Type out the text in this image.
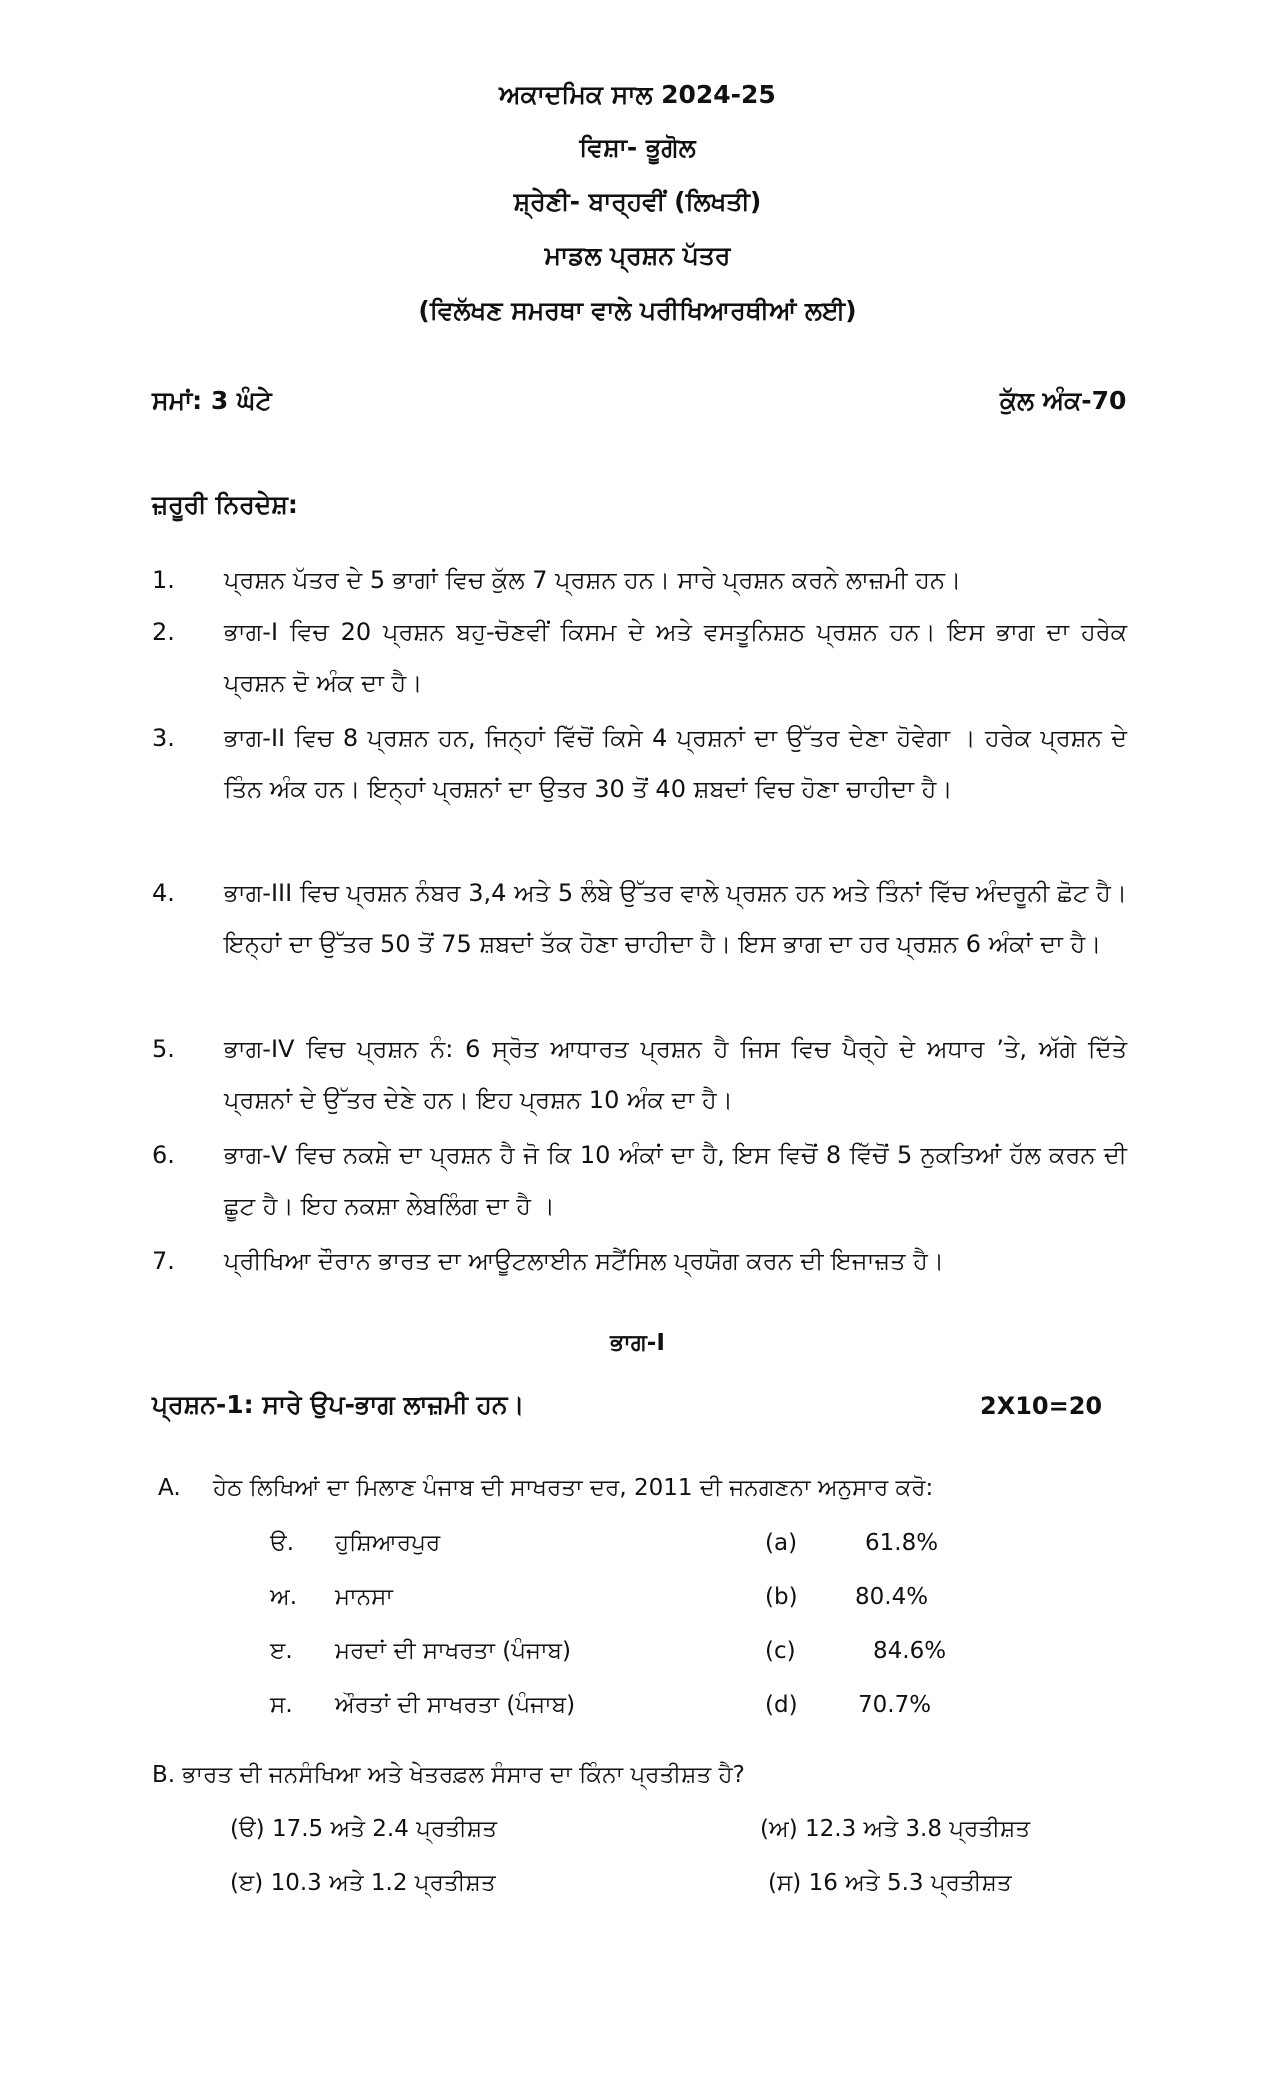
ਅਕਾਦਮਿਕ ਸਾਲ 2024-25
ਵਿਸ਼ਾ- ਭੂਗੋਲ
ਸ਼੍ਰੇਣੀ- ਬਾਰ੍ਹਵੀਂ (ਲਿਖਤੀ)
ਮਾਡਲ ਪ੍ਰਸ਼ਨ ਪੱਤਰ
(ਵਿਲੱਖਣ ਸਮਰਥਾ ਵਾਲੇ ਪਰੀਖਿਆਰਥੀਆਂ ਲਈ)
ਸਮਾਂ: 3 ਘੰਟੇ	ਕੁੱਲ ਅੰਕ-70
ਜ਼ਰੂਰੀ ਨਿਰਦੇਸ਼:
1. ਪ੍ਰਸ਼ਨ ਪੱਤਰ ਦੇ 5 ਭਾਗਾਂ ਵਿਚ ਕੁੱਲ 7 ਪ੍ਰਸ਼ਨ ਹਨ। ਸਾਰੇ ਪ੍ਰਸ਼ਨ ਕਰਨੇ ਲਾਜ਼ਮੀ ਹਨ।
2. ਭਾਗ-I ਵਿਚ 20 ਪ੍ਰਸ਼ਨ ਬਹੁ-ਚੋਣਵੀਂ ਕਿਸਮ ਦੇ ਅਤੇ ਵਸਤੂਨਿਸ਼ਠ ਪ੍ਰਸ਼ਨ ਹਨ। ਇਸ ਭਾਗ ਦਾ ਹਰੇਕ ਪ੍ਰਸ਼ਨ ਦੋ ਅੰਕ ਦਾ ਹੈ।
3. ਭਾਗ-II ਵਿਚ 8 ਪ੍ਰਸ਼ਨ ਹਨ, ਜਿਨ੍ਹਾਂ ਵਿੱਚੋਂ ਕਿਸੇ 4 ਪ੍ਰਸ਼ਨਾਂ ਦਾ ਉੱਤਰ ਦੇਣਾ ਹੋਵੇਗਾ । ਹਰੇਕ ਪ੍ਰਸ਼ਨ ਦੇ ਤਿੰਨ ਅੰਕ ਹਨ। ਇਨ੍ਹਾਂ ਪ੍ਰਸ਼ਨਾਂ ਦਾ ਉਤਰ 30 ਤੋਂ 40 ਸ਼ਬਦਾਂ ਵਿਚ ਹੋਣਾ ਚਾਹੀਦਾ ਹੈ।
4. ਭਾਗ-III ਵਿਚ ਪ੍ਰਸ਼ਨ ਨੰਬਰ 3,4 ਅਤੇ 5 ਲੰਬੇ ਉੱਤਰ ਵਾਲੇ ਪ੍ਰਸ਼ਨ ਹਨ ਅਤੇ ਤਿੰਨਾਂ ਵਿੱਚ ਅੰਦਰੂਨੀ ਛੋਟ ਹੈ। ਇਨ੍ਹਾਂ ਦਾ ਉੱਤਰ 50 ਤੋਂ 75 ਸ਼ਬਦਾਂ ਤੱਕ ਹੋਣਾ ਚਾਹੀਦਾ ਹੈ। ਇਸ ਭਾਗ ਦਾ ਹਰ ਪ੍ਰਸ਼ਨ 6 ਅੰਕਾਂ ਦਾ ਹੈ।
5. ਭਾਗ-IV ਵਿਚ ਪ੍ਰਸ਼ਨ ਨੰ: 6 ਸ੍ਰੋਤ ਆਧਾਰਤ ਪ੍ਰਸ਼ਨ ਹੈ ਜਿਸ ਵਿਚ ਪੈਰ੍ਹੇ ਦੇ ਅਧਾਰ ’ਤੇ, ਅੱਗੇ ਦਿੱਤੇ ਪ੍ਰਸ਼ਨਾਂ ਦੇ ਉੱਤਰ ਦੇਣੇ ਹਨ। ਇਹ ਪ੍ਰਸ਼ਨ 10 ਅੰਕ ਦਾ ਹੈ।
6. ਭਾਗ-V ਵਿਚ ਨਕਸ਼ੇ ਦਾ ਪ੍ਰਸ਼ਨ ਹੈ ਜੋ ਕਿ 10 ਅੰਕਾਂ ਦਾ ਹੈ, ਇਸ ਵਿਚੋਂ 8 ਵਿੱਚੋਂ 5 ਨੁਕਤਿਆਂ ਹੱਲ ਕਰਨ ਦੀ ਛੂਟ ਹੈ। ਇਹ ਨਕਸ਼ਾ ਲੇਬਲਿੰਗ ਦਾ ਹੈ ।
7. ਪ੍ਰੀਖਿਆ ਦੌਰਾਨ ਭਾਰਤ ਦਾ ਆਊਟਲਾਈਨ ਸਟੈਂਸਿਲ ਪ੍ਰਯੋਗ ਕਰਨ ਦੀ ਇਜਾਜ਼ਤ ਹੈ।
ਭਾਗ-I
ਪ੍ਰਸ਼ਨ-1: ਸਾਰੇ ਉਪ-ਭਾਗ ਲਾਜ਼ਮੀ ਹਨ।	2X10=20
A. ਹੇਠ ਲਿਖਿਆਂ ਦਾ ਮਿਲਾਣ ਪੰਜਾਬ ਦੀ ਸਾਖਰਤਾ ਦਰ, 2011 ਦੀ ਜਨਗਣਨਾ ਅਨੁਸਾਰ ਕਰੋ:
ੳ. ਹੁਸ਼ਿਆਰਪੁਰ	(a)	61.8%
ਅ. ਮਾਨਸਾ	(b) 80.4%
ੲ. ਮਰਦਾਂ ਦੀ ਸਾਖਰਤਾ (ਪੰਜਾਬ)	(c)	84.6%
ਸ. ਔਰਤਾਂ ਦੀ ਸਾਖਰਤਾ (ਪੰਜਾਬ)	(d)	70.7%
B. ਭਾਰਤ ਦੀ ਜਨਸੰਖਿਆ ਅਤੇ ਖੇਤਰਫ਼ਲ ਸੰਸਾਰ ਦਾ ਕਿੰਨਾ ਪ੍ਰਤੀਸ਼ਤ ਹੈ?
(ੳ) 17.5 ਅਤੇ 2.4 ਪ੍ਰਤੀਸ਼ਤ	(ਅ) 12.3 ਅਤੇ 3.8 ਪ੍ਰਤੀਸ਼ਤ
(ੲ) 10.3 ਅਤੇ 1.2 ਪ੍ਰਤੀਸ਼ਤ	(ਸ) 16 ਅਤੇ 5.3 ਪ੍ਰਤੀਸ਼ਤ
